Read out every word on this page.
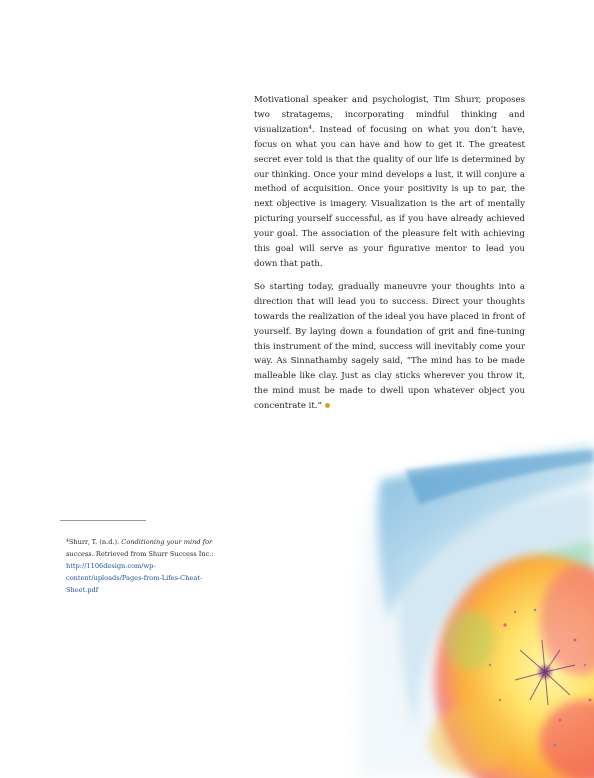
Motivational speaker and psychologist, Tim Shurr, proposes two stratagems, incorporating mindful thinking and visualization$^4$. Instead of focusing on what you don’t have, focus on what you can have and how to get it. The greatest secret ever told is that the quality of our life is determined by our thinking. Once your mind develops a lust, it will conjure a method of acquisition. Once your positivity is up to par, the next objective is imagery. Visualization is the art of mentally picturing yourself successful, as if you have already achieved your goal. The association of the pleasure felt with achieving this goal will serve as your figurative mentor to lead you down that path.

So starting today, gradually maneuvre your thoughts into a direction that will lead you to success. Direct your thoughts towards the realization of the ideal you have placed in front of yourself. By laying down a foundation of grit and fine-tuning this instrument of the mind, success will inevitably come your way. As Sinnathamby sagely said, “The mind has to be made malleable like clay. Just as clay sticks wherever you throw it, the mind must be made to dwell upon whatever object you concentrate it.”

$^4$Shurr, T. (n.d.). Conditioning your mind for success. Retrieved from Shurr Success Inc.: http://1106design.com/wp-content/uploads/Pages-from-Lifes-Cheat-Sheet.pdf
